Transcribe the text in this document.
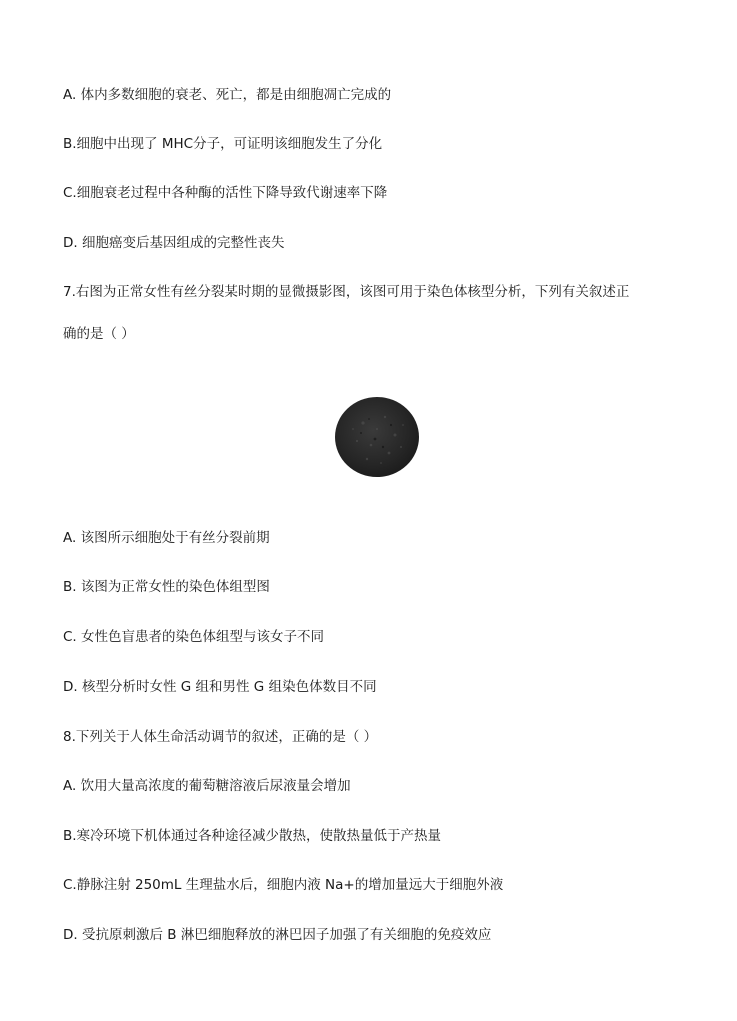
A. 体内多数细胞的衰老、死亡，都是由细胞凋亡完成的
B.细胞中出现了 MHC分子，可证明该细胞发生了分化
C.细胞衰老过程中各种酶的活性下降导致代谢速率下降
D. 细胞癌变后基因组成的完整性丧失
7.右图为正常女性有丝分裂某时期的显微摄影图，该图可用于染色体核型分析，下列有关叙述正
确的是（ ）
A. 该图所示细胞处于有丝分裂前期
B. 该图为正常女性的染色体组型图
C. 女性色盲患者的染色体组型与该女子不同
D. 核型分析时女性 G 组和男性 G 组染色体数目不同
8.下列关于人体生命活动调节的叙述，正确的是（ ）
A. 饮用大量高浓度的葡萄糖溶液后尿液量会增加
B.寒冷环境下机体通过各种途径减少散热，使散热量低于产热量
C.静脉注射 250mL 生理盐水后，细胞内液 Na+的增加量远大于细胞外液
D. 受抗原刺激后 B 淋巴细胞释放的淋巴因子加强了有关细胞的免疫效应
